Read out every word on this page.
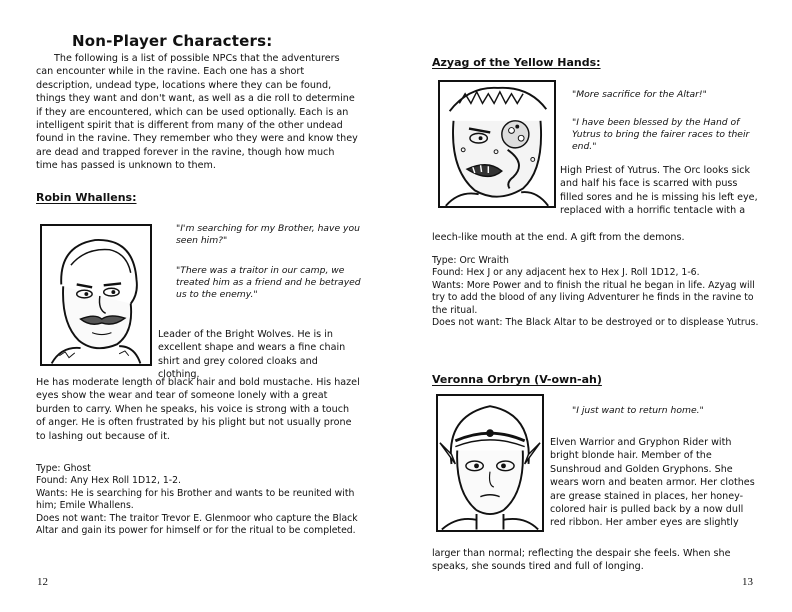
Non-Player Characters:

The following is a list of possible NPCs that the adventurers can encounter while in the ravine. Each one has a short description, undead type, locations where they can be found, things they want and don't want, as well as a die roll to determine if they are encountered, which can be used optionally. Each is an intelligent spirit that is different from many of the other undead found in the ravine. They remember who they were and know they are dead and trapped forever in the ravine, though how much time has passed is unknown to them.

Robin Whallens:
"I'm searching for my Brother, have you seen him?"
"There was a traitor in our camp, we treated him as a friend and he betrayed us to the enemy."
Leader of the Bright Wolves. He is in excellent shape and wears a fine chain shirt and grey colored cloaks and clothing.
He has moderate length of black hair and bold mustache. His hazel eyes show the wear and tear of someone lonely with a great burden to carry. When he speaks, his voice is strong with a touch of anger. He is often frustrated by his plight but not usually prone to lashing out because of it.
Type: Ghost
Found: Any Hex Roll 1D12, 1-2.
Wants: He is searching for his Brother and wants to be reunited with him; Emile Whallens.
Does not want: The traitor Trevor E. Glenmoor who capture the Black Altar and gain its power for himself or for the ritual to be completed.
12
Azyag of the Yellow Hands:
"More sacrifice for the Altar!"
"I have been blessed by the Hand of Yutrus to bring the fairer races to their end."
High Priest of Yutrus. The Orc looks sick and half his face is scarred with puss filled sores and he is missing his left eye, replaced with a horrific tentacle with a
leech-like mouth at the end. A gift from the demons.
Type: Orc Wraith
Found: Hex J or any adjacent hex to Hex J. Roll 1D12, 1-6.
Wants: More Power and to finish the ritual he began in life. Azyag will try to add the blood of any living Adventurer he finds in the ravine to the ritual.
Does not want: The Black Altar to be destroyed or to displease Yutrus.
Veronna Orbryn (V-own-ah)
"I just want to return home."
Elven Warrior and Gryphon Rider with bright blonde hair. Member of the Sunshroud and Golden Gryphons. She wears worn and beaten armor. Her clothes are grease stained in places, her honey-colored hair is pulled back by a now dull red ribbon. Her amber eyes are slightly
larger than normal; reflecting the despair she feels. When she speaks, she sounds tired and full of longing.
13
